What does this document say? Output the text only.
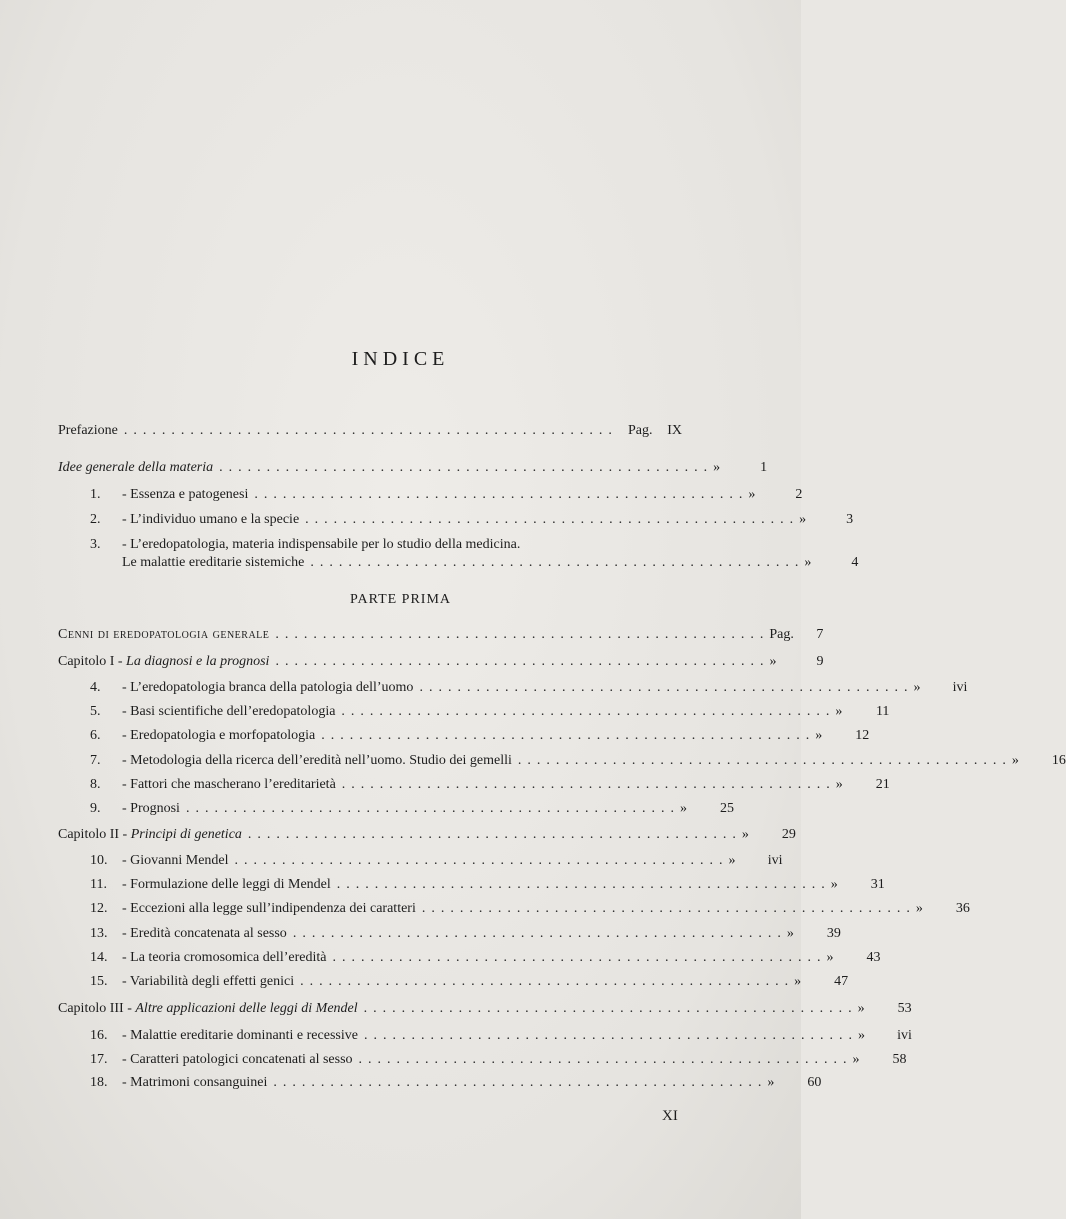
INDICE
PARTE PRIMA
Prefazione .................................................... Pag.	IX
Idee generale della materia .................................................... »	1
1.	- Essenza e patogenesi .................................................... »	2
2.	- L’individuo umano e la specie .................................................... »	3
3.	- L’eredopatologia, materia indispensabile per lo studio della medicina.
Le malattie ereditarie sistemiche .................................................... »	4
Cenni di eredopatologia generale .................................................... Pag.	7
Capitolo I - La diagnosi e la prognosi .................................................... »	9
4.	- L’eredopatologia branca della patologia dell’uomo .................................................... »	ivi
5.	- Basi scientifiche dell’eredopatologia .................................................... »	11
6.	- Eredopatologia e morfopatologia .................................................... »	12
7.	- Metodologia della ricerca dell’eredità nell’uomo. Studio dei gemelli .................................................... »	16
8.	- Fattori che mascherano l’ereditarietà .................................................... »	21
9.	- Prognosi .................................................... »	25
Capitolo II - Principi di genetica .................................................... »	29
10.	- Giovanni Mendel .................................................... »	ivi
11.	- Formulazione delle leggi di Mendel .................................................... »	31
12.	- Eccezioni alla legge sull’indipendenza dei caratteri .................................................... »	36
13.	- Eredità concatenata al sesso .................................................... »	39
14.	- La teoria cromosomica dell’eredità .................................................... »	43
15.	- Variabilità degli effetti genici .................................................... »	47
Capitolo III - Altre applicazioni delle leggi di Mendel .................................................... »	53
16.	- Malattie ereditarie dominanti e recessive .................................................... »	ivi
17.	- Caratteri patologici concatenati al sesso .................................................... »	58
18.	- Matrimoni consanguinei .................................................... »	60
XI
